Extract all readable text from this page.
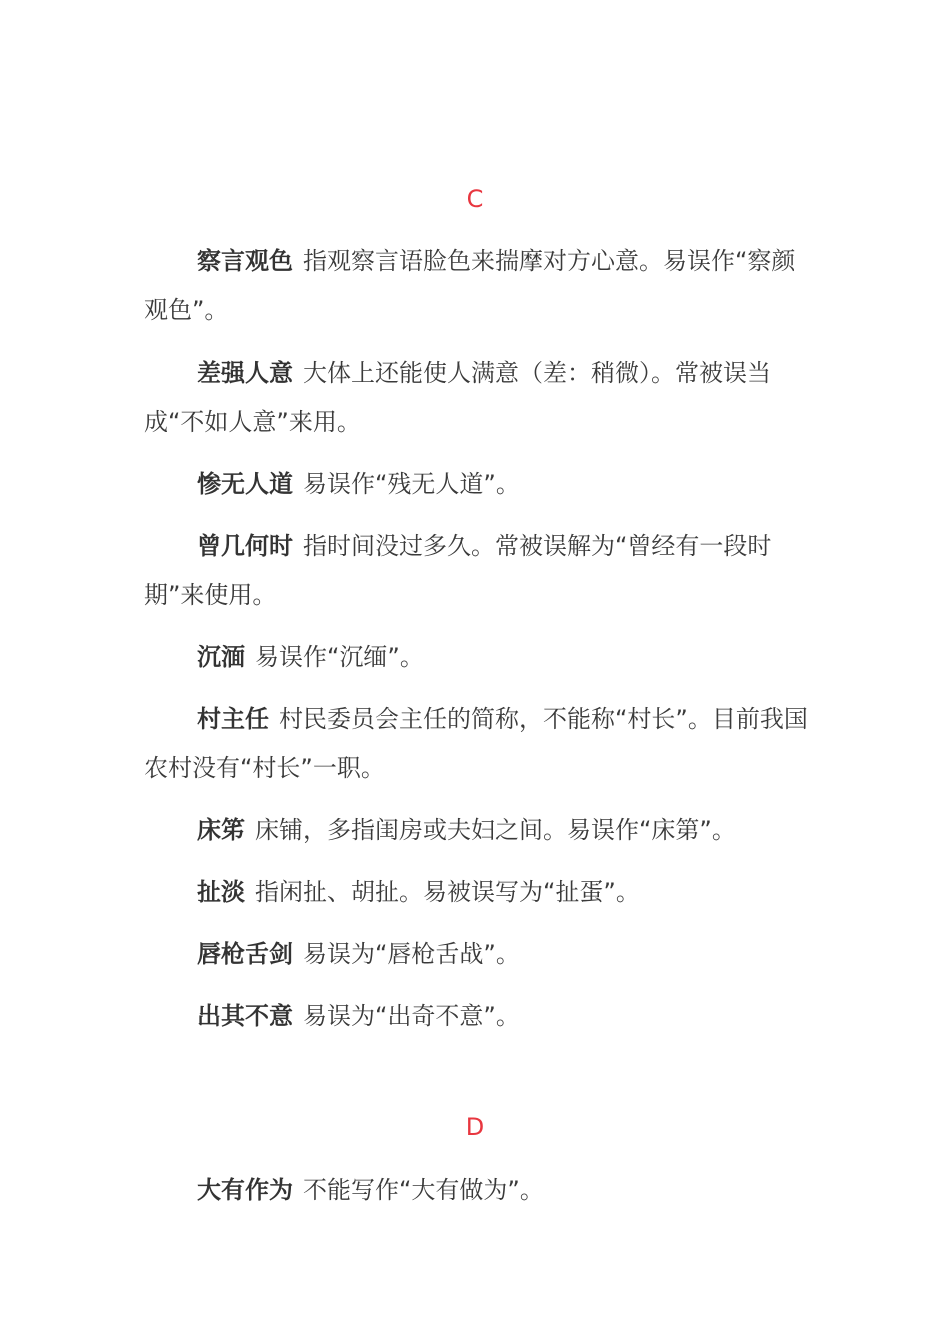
C

察言观色 指观察言语脸色来揣摩对方心意。易误作“察颜观色”。

差强人意 大体上还能使人满意（差：稍微）。常被误当成“不如人意”来用。

惨无人道 易误作“残无人道”。

曾几何时 指时间没过多久。常被误解为“曾经有一段时期”来使用。

沉湎 易误作“沉缅”。

村主任 村民委员会主任的简称，不能称“村长”。目前我国农村没有“村长”一职。

床笫 床铺，多指闺房或夫妇之间。易误作“床第”。

扯淡 指闲扯、胡扯。易被误写为“扯蛋”。

唇枪舌剑 易误为“唇枪舌战”。

出其不意 易误为“出奇不意”。

D

大有作为 不能写作“大有做为”。
